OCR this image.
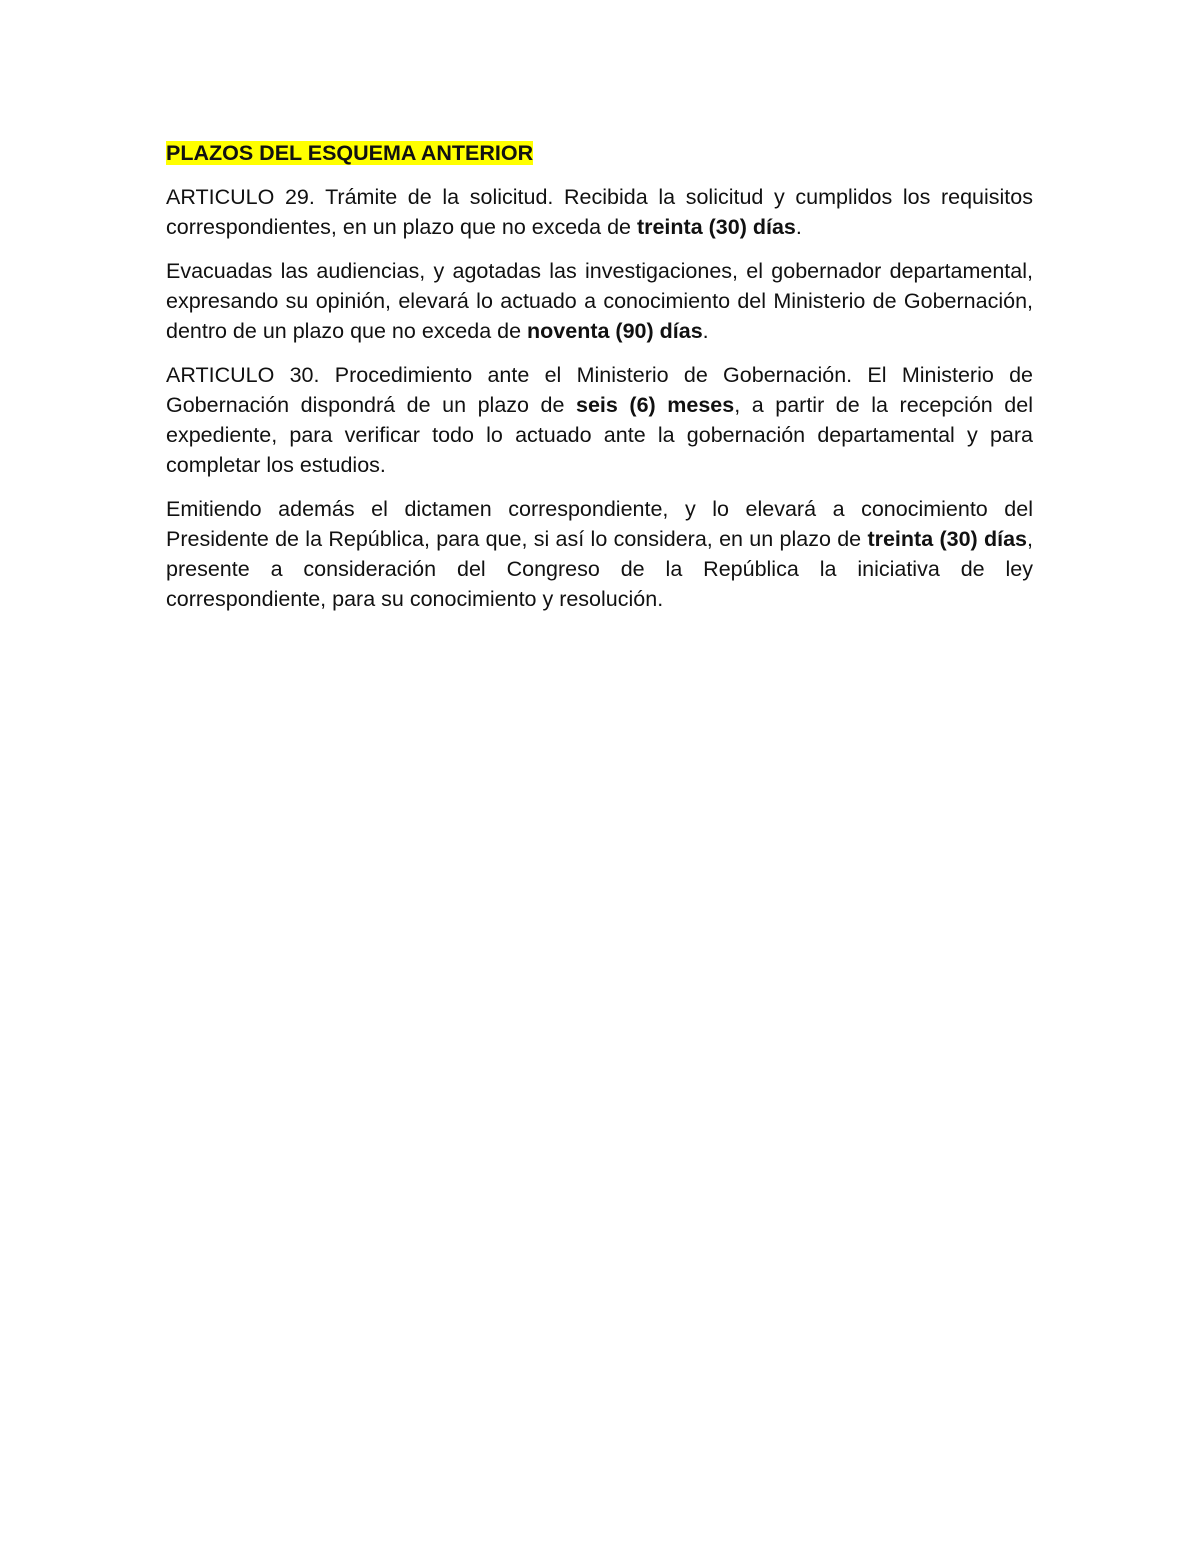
PLAZOS DEL ESQUEMA ANTERIOR

ARTICULO 29. Trámite de la solicitud. Recibida la solicitud y cumplidos los requisitos correspondientes, en un plazo que no exceda de treinta (30) días.

Evacuadas las audiencias, y agotadas las investigaciones, el gobernador departamental, expresando su opinión, elevará lo actuado a conocimiento del Ministerio de Gobernación, dentro de un plazo que no exceda de noventa (90) días.

ARTICULO 30. Procedimiento ante el Ministerio de Gobernación. El Ministerio de Gobernación dispondrá de un plazo de seis (6) meses, a partir de la recepción del expediente, para verificar todo lo actuado ante la gobernación departamental y para completar los estudios.

Emitiendo además el dictamen correspondiente, y lo elevará a conocimiento del Presidente de la República, para que, si así lo considera, en un plazo de treinta (30) días, presente a consideración del Congreso de la República la iniciativa de ley correspondiente, para su conocimiento y resolución.
